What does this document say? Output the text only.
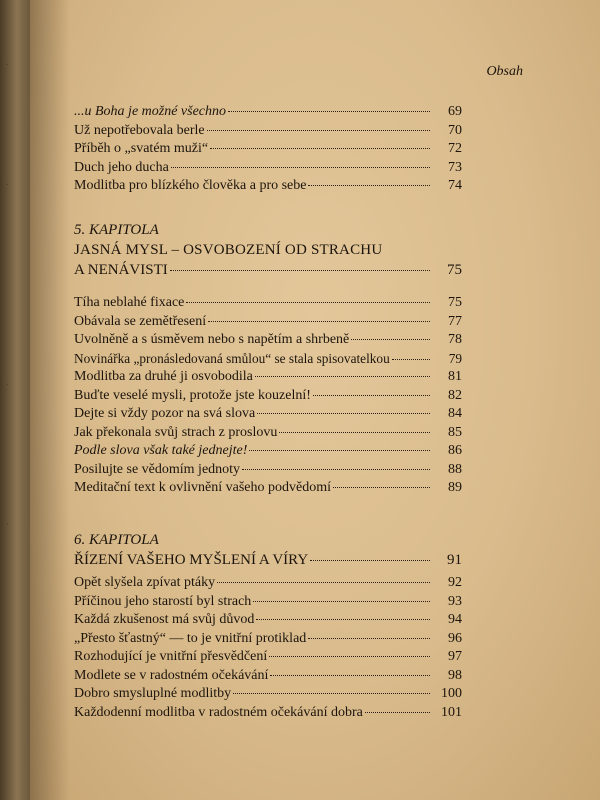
·
·
·
·
Obsah
...u Boha je možné všechno	69
Už nepotřebovala berle	70
Příběh o „svatém muži“	72
Duch jeho ducha	73
Modlitba pro blízkého člověka a pro sebe	74
5. KAPITOLA
JASNÁ MYSL – OSVOBOZENÍ OD STRACHU
A NENÁVISTI	75
Tíha neblahé fixace	75
Obávala se zemětřesení	77
Uvolněně a s úsměvem nebo s napětím a shrbeně	78
Novinářka „pronásledovaná smůlou“ se stala spisovatelkou	79
Modlitba za druhé ji osvobodila	81
Buďte veselé mysli, protože jste kouzelní!	82
Dejte si vždy pozor na svá slova	84
Jak překonala svůj strach z proslovu	85
Podle slova však také jednejte!	86
Posilujte se vědomím jednoty	88
Meditační text k ovlivnění vašeho podvědomí	89
6. KAPITOLA
ŘÍZENÍ VAŠEHO MYŠLENÍ A VÍRY	91
Opět slyšela zpívat ptáky	92
Příčinou jeho starostí byl strach	93
Každá zkušenost má svůj důvod	94
„Přesto šťastný“ — to je vnitřní protiklad	96
Rozhodující je vnitřní přesvědčení	97
Modlete se v radostném očekávání	98
Dobro smysluplné modlitby	100
Každodenní modlitba v radostném očekávání dobra	101
